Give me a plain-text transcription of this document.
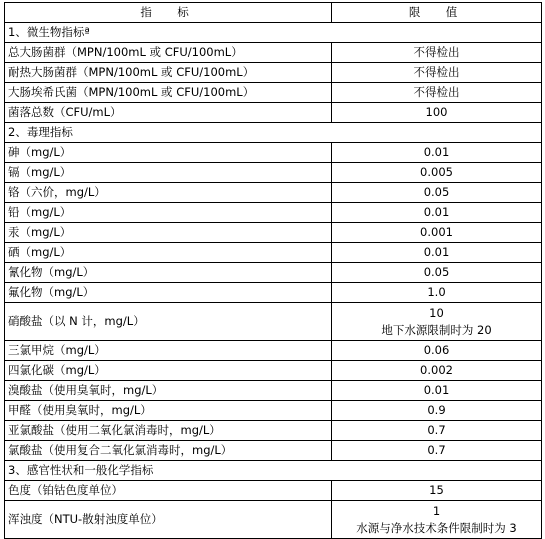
指　标	限　值
1、微生物指标ª	
总大肠菌群（MPN/100mL 或 CFU/100mL）	不得检出
耐热大肠菌群（MPN/100mL 或 CFU/100mL）	不得检出
大肠埃希氏菌（MPN/100mL 或 CFU/100mL）	不得检出
菌落总数（CFU/mL）	100
2、毒理指标	
砷（mg/L）	0.01
镉（mg/L）	0.005
铬（六价，mg/L）	0.05
铅（mg/L）	0.01
汞（mg/L）	0.001
硒（mg/L）	0.01
氰化物（mg/L）	0.05
氟化物（mg/L）	1.0
硝酸盐（以 N 计，mg/L）	10
地下水源限制时为 20

三氯甲烷（mg/L）	0.06
四氯化碳（mg/L）	0.002
溴酸盐（使用臭氧时，mg/L）	0.01
甲醛（使用臭氧时，mg/L）	0.9
亚氯酸盐（使用二氧化氯消毒时，mg/L）	0.7
氯酸盐（使用复合二氧化氯消毒时，mg/L）	0.7
3、感官性状和一般化学指标	
色度（铂钴色度单位）	15
浑浊度（NTU-散射浊度单位）	1
水源与净水技术条件限制时为 3
